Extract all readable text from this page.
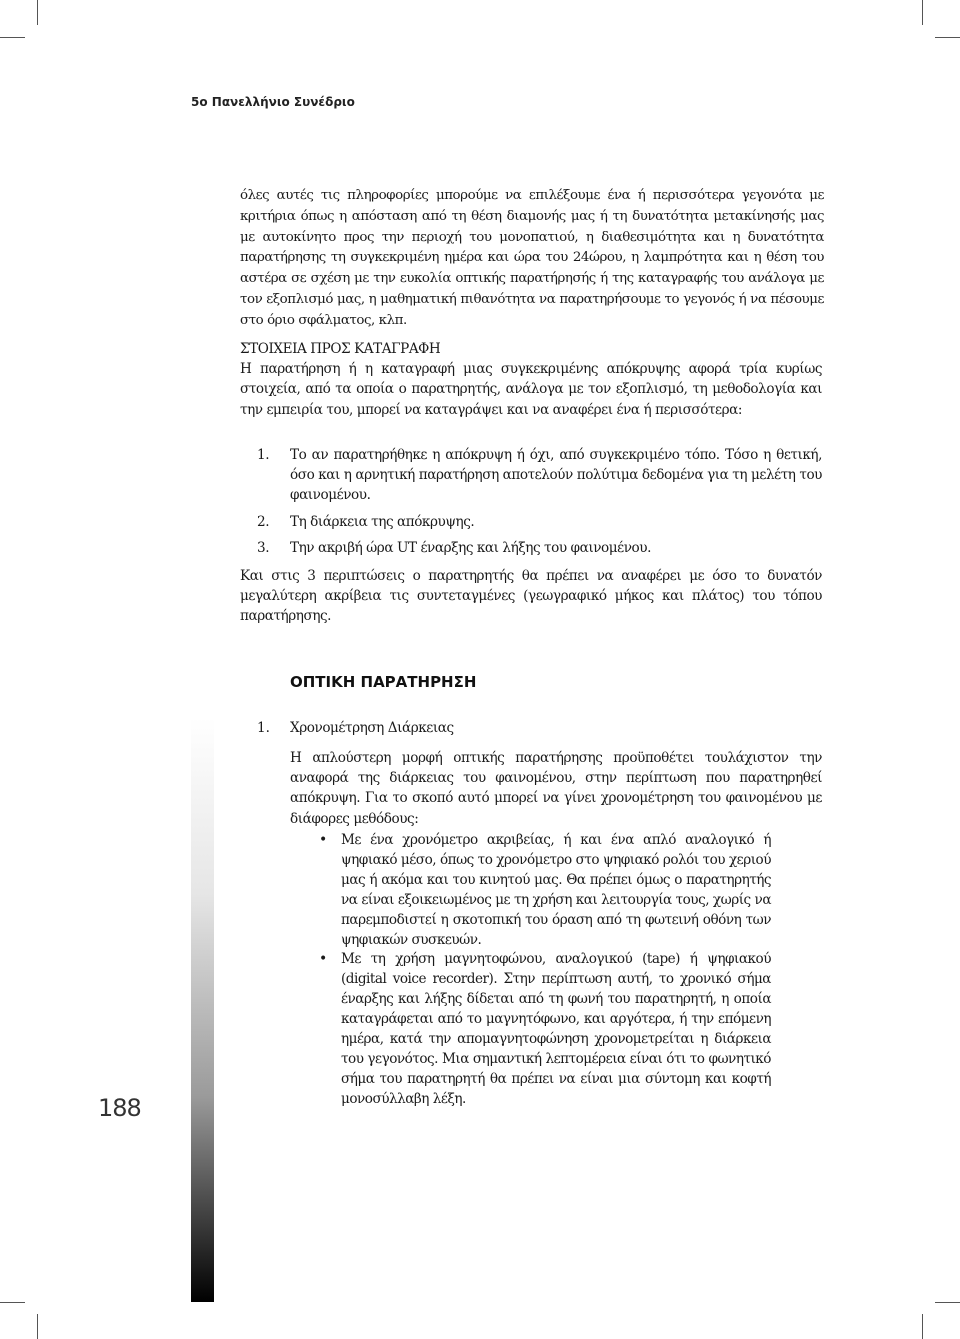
5ο Πανελλήνιο Συνέδριο

όλες αυτές τις πληροφορίες μπορούμε να επιλέξουμε ένα ή περισσότερα γεγονότα με κριτήρια όπως η απόσταση από τη θέση διαμονής μας ή τη δυνατότητα μετακίνησής μας με αυτοκίνητο προς την περιοχή του μονοπατιού, η διαθεσιμότητα και η δυνατότητα παρατήρησης τη συγκεκριμένη ημέρα και ώρα του 24ώρου, η λαμπρότητα και η θέση του αστέρα σε σχέση με την ευκολία οπτικής παρατήρησής ή της καταγραφής του ανάλογα με τον εξοπλισμό μας, η μαθηματική πιθανότητα να παρατηρήσουμε το γεγονός ή να πέσουμε στο όριο σφάλματος, κλπ.

ΣΤΟΙΧΕΙΑ ΠΡΟΣ ΚΑΤΑΓΡΑΦΗ
Η παρατήρηση ή η καταγραφή μιας συγκεκριμένης απόκρυψης αφορά τρία κυρίως στοιχεία, από τα οποία ο παρατηρητής, ανάλογα με τον εξοπλισμό, τη μεθοδολογία και την εμπειρία του, μπορεί να καταγράψει και να αναφέρει ένα ή περισσότερα:

1. Το αν παρατηρήθηκε η απόκρυψη ή όχι, από συγκεκριμένο τόπο. Τόσο η θετική, όσο και η αρνητική παρατήρηση αποτελούν πολύτιμα δεδομένα για τη μελέτη του φαινομένου.
2. Τη διάρκεια της απόκρυψης.
3. Την ακριβή ώρα UT έναρξης και λήξης του φαινομένου.

Και στις 3 περιπτώσεις ο παρατηρητής θα πρέπει να αναφέρει με όσο το δυνατόν μεγαλύτερη ακρίβεια τις συντεταγμένες (γεωγραφικό μήκος και πλάτος) του τόπου παρατήρησης.

ΟΠΤΙΚΗ ΠΑΡΑΤΗΡΗΣΗ
1. Χρονομέτρηση Διάρκειας

Η απλούστερη μορφή οπτικής παρατήρησης προϋποθέτει τουλάχιστον την αναφορά της διάρκειας του φαινομένου, στην περίπτωση που παρατηρηθεί απόκρυψη. Για το σκοπό αυτό μπορεί να γίνει χρονομέτρηση του φαινομένου με διάφορες μεθόδους:

• Με ένα χρονόμετρο ακριβείας, ή και ένα απλό αναλογικό ή ψηφιακό μέσο, όπως το χρονόμετρο στο ψηφιακό ρολόι του χεριού μας ή ακόμα και του κινητού μας. Θα πρέπει όμως ο παρατηρητής να είναι εξοικειωμένος με τη χρήση και λειτουργία τους, χωρίς να παρεμποδιστεί η σκοτοπική του όραση από τη φωτεινή οθόνη των ψηφιακών συσκευών.
• Με τη χρήση μαγνητοφώνου, αναλογικού (tape) ή ψηφιακού (digital voice recorder). Στην περίπτωση αυτή, το χρονικό σήμα έναρξης και λήξης δίδεται από τη φωνή του παρατηρητή, η οποία καταγράφεται από το μαγνητόφωνο, και αργότερα, ή την επόμενη ημέρα, κατά την απομαγνητοφώνηση χρονομετρείται η διάρκεια του γεγονότος. Μια σημαντική λεπτομέρεια είναι ότι το φωνητικό σήμα του παρατηρητή θα πρέπει να είναι μια σύντομη και κοφτή μονοσύλλαβη λέξη.
188
